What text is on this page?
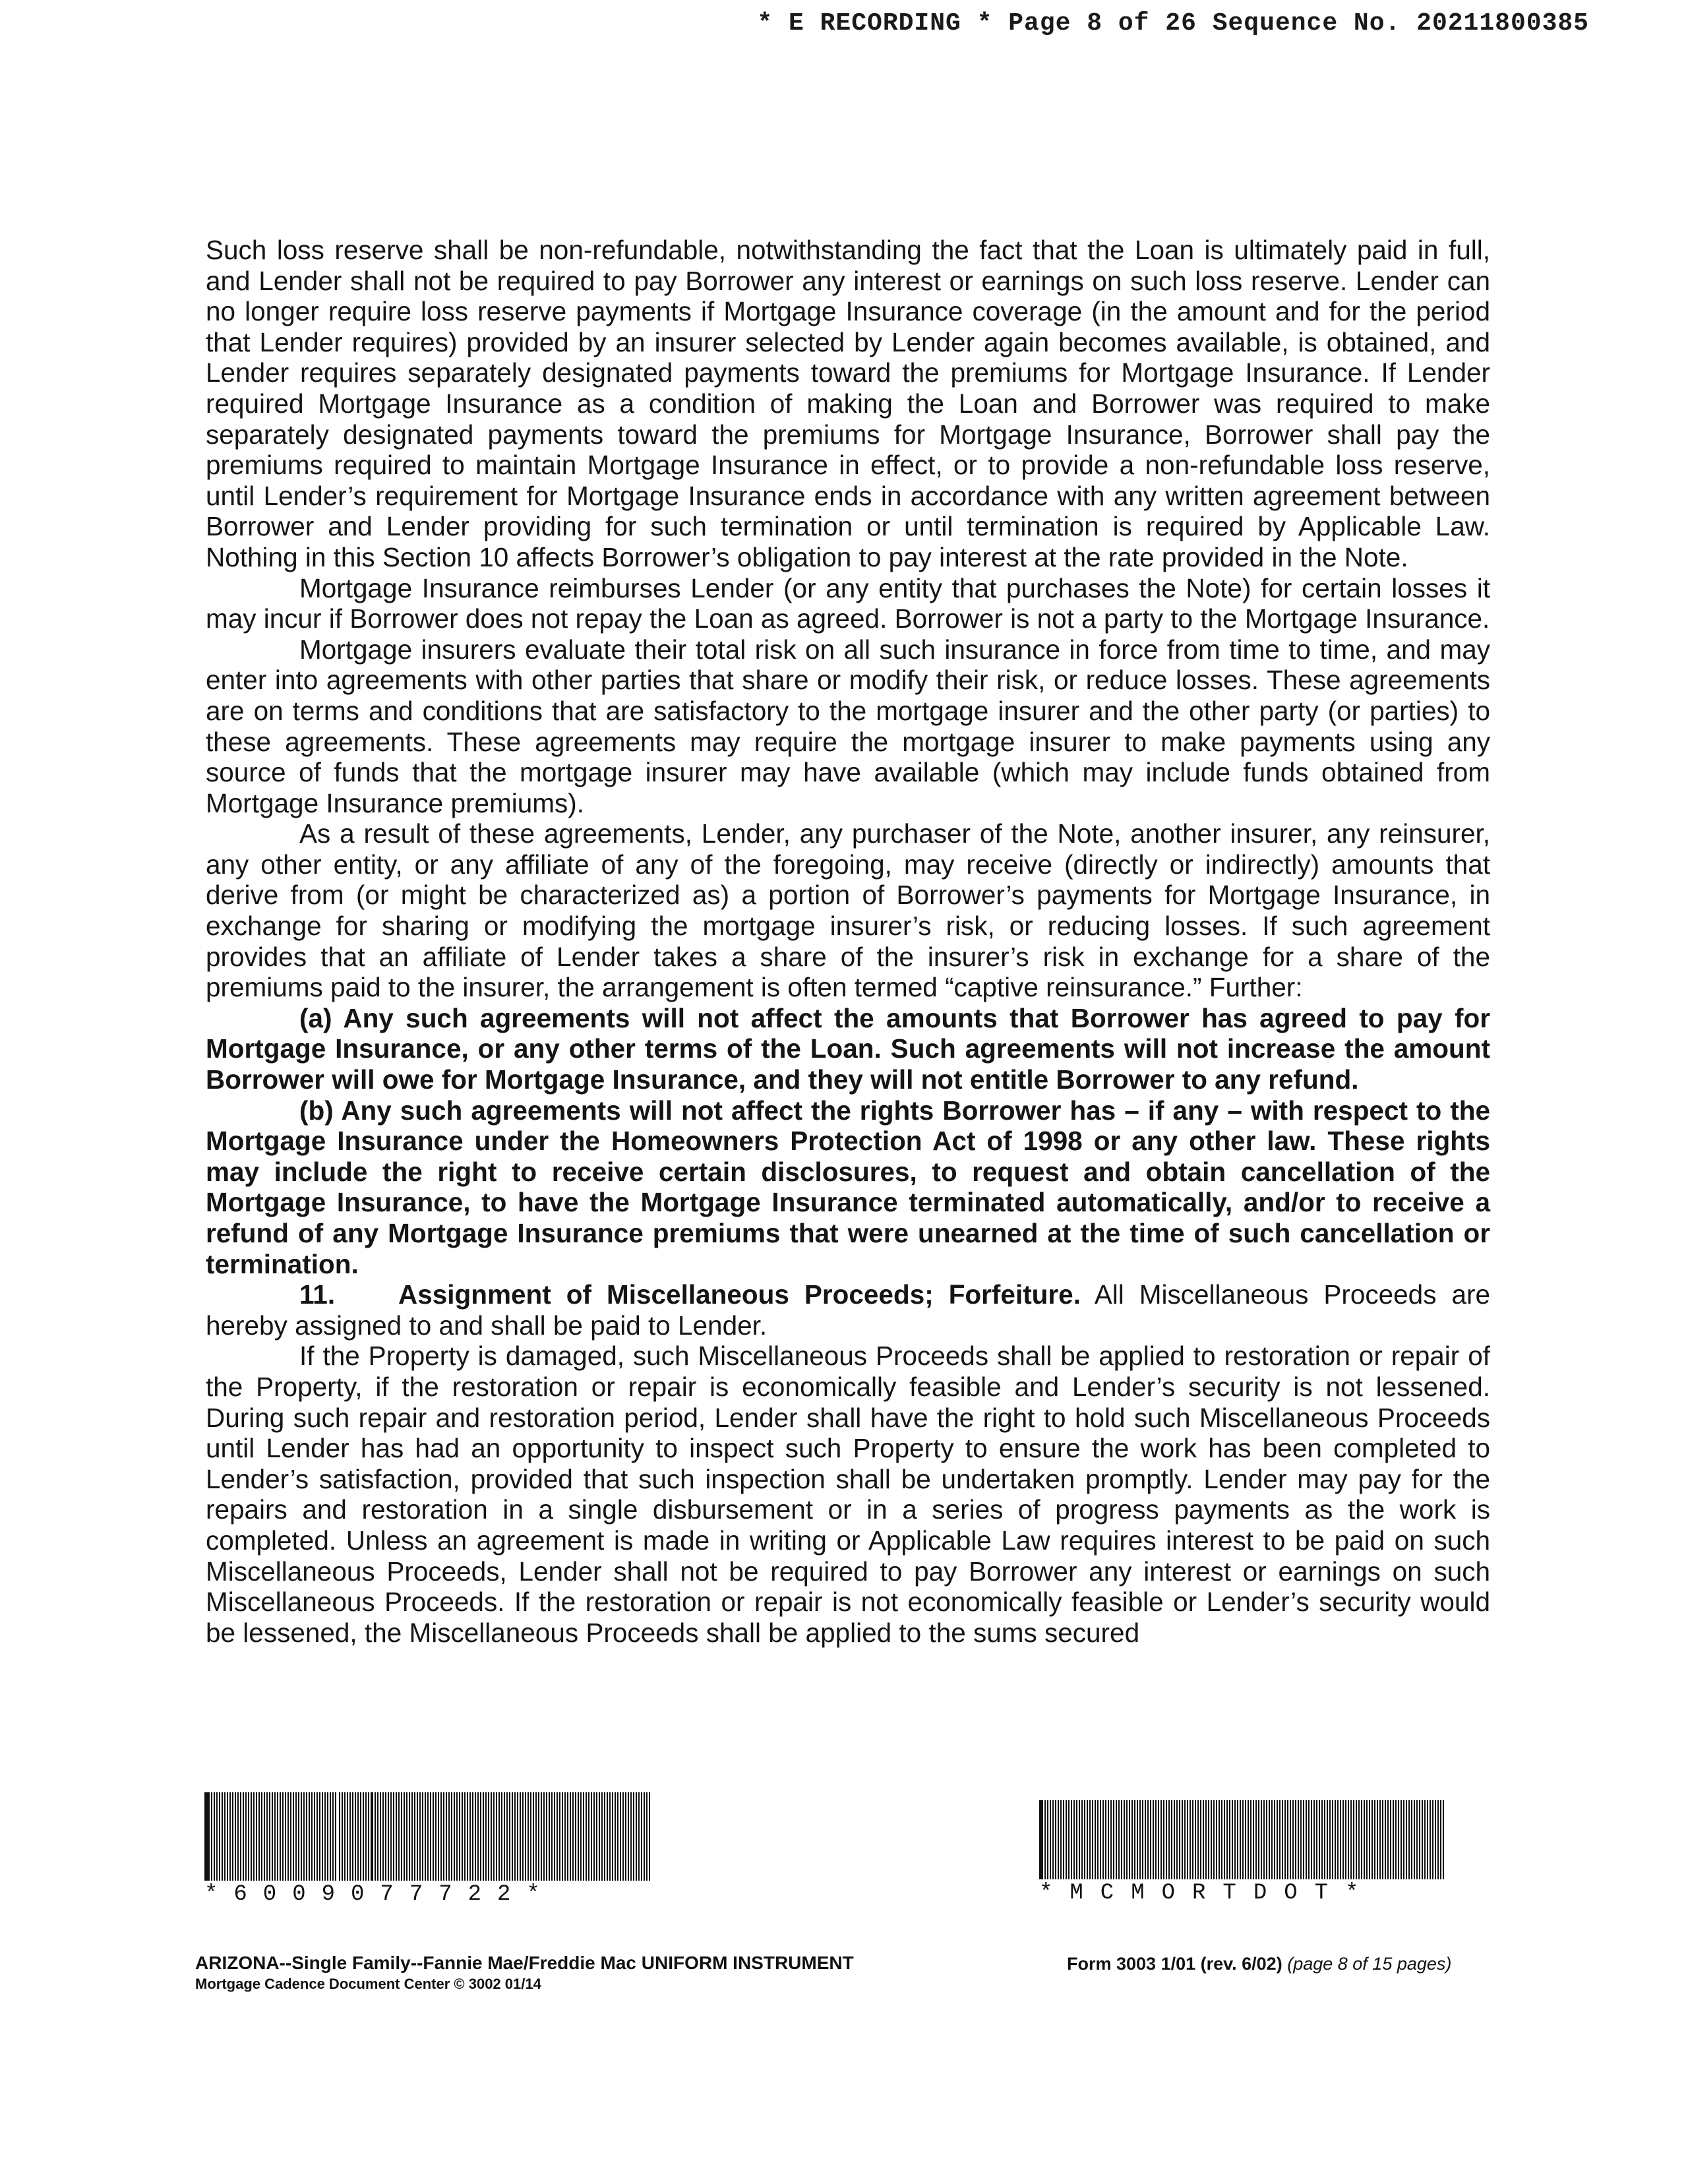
* E RECORDING * Page 8 of 26 Sequence No. 20211800385

Such loss reserve shall be non-refundable, notwithstanding the fact that the Loan is ultimately paid in full, and Lender shall not be required to pay Borrower any interest or earnings on such loss reserve. Lender can no longer require loss reserve payments if Mortgage Insurance coverage (in the amount and for the period that Lender requires) provided by an insurer selected by Lender again becomes available, is obtained, and Lender requires separately designated payments toward the premiums for Mortgage Insurance. If Lender required Mortgage Insurance as a condition of making the Loan and Borrower was required to make separately designated payments toward the premiums for Mortgage Insurance, Borrower shall pay the premiums required to maintain Mortgage Insurance in effect, or to provide a non-refundable loss reserve, until Lender’s requirement for Mortgage Insurance ends in accordance with any written agreement between Borrower and Lender providing for such termination or until termination is required by Applicable Law. Nothing in this Section 10 affects Borrower’s obligation to pay interest at the rate provided in the Note.

Mortgage Insurance reimburses Lender (or any entity that purchases the Note) for certain losses it may incur if Borrower does not repay the Loan as agreed. Borrower is not a party to the Mortgage Insurance.

Mortgage insurers evaluate their total risk on all such insurance in force from time to time, and may enter into agreements with other parties that share or modify their risk, or reduce losses. These agreements are on terms and conditions that are satisfactory to the mortgage insurer and the other party (or parties) to these agreements. These agreements may require the mortgage insurer to make payments using any source of funds that the mortgage insurer may have available (which may include funds obtained from Mortgage Insurance premiums).

As a result of these agreements, Lender, any purchaser of the Note, another insurer, any reinsurer, any other entity, or any affiliate of any of the foregoing, may receive (directly or indirectly) amounts that derive from (or might be characterized as) a portion of Borrower’s payments for Mortgage Insurance, in exchange for sharing or modifying the mortgage insurer’s risk, or reducing losses. If such agreement provides that an affiliate of Lender takes a share of the insurer’s risk in exchange for a share of the premiums paid to the insurer, the arrangement is often termed “captive reinsurance.” Further:

(a) Any such agreements will not affect the amounts that Borrower has agreed to pay for Mortgage Insurance, or any other terms of the Loan. Such agreements will not increase the amount Borrower will owe for Mortgage Insurance, and they will not entitle Borrower to any refund.

(b) Any such agreements will not affect the rights Borrower has – if any – with respect to the Mortgage Insurance under the Homeowners Protection Act of 1998 or any other law. These rights may include the right to receive certain disclosures, to request and obtain cancellation of the Mortgage Insurance, to have the Mortgage Insurance terminated automatically, and/or to receive a refund of any Mortgage Insurance premiums that were unearned at the time of such cancellation or termination.

11. Assignment of Miscellaneous Proceeds; Forfeiture. All Miscellaneous Proceeds are hereby assigned to and shall be paid to Lender.

If the Property is damaged, such Miscellaneous Proceeds shall be applied to restoration or repair of the Property, if the restoration or repair is economically feasible and Lender’s security is not lessened. During such repair and restoration period, Lender shall have the right to hold such Miscellaneous Proceeds until Lender has had an opportunity to inspect such Property to ensure the work has been completed to Lender’s satisfaction, provided that such inspection shall be undertaken promptly. Lender may pay for the repairs and restoration in a single disbursement or in a series of progress payments as the work is completed. Unless an agreement is made in writing or Applicable Law requires interest to be paid on such Miscellaneous Proceeds, Lender shall not be required to pay Borrower any interest or earnings on such Miscellaneous Proceeds. If the restoration or repair is not economically feasible or Lender’s security would be lessened, the Miscellaneous Proceeds shall be applied to the sums secured

*6009077722*	*MCMORTDOT*
ARIZONA--Single Family--Fannie Mae/Freddie Mac UNIFORM INSTRUMENT
Mortgage Cadence Document Center © 3002 01/14
Form 3003 1/01 (rev. 6/02) (page 8 of 15 pages)
